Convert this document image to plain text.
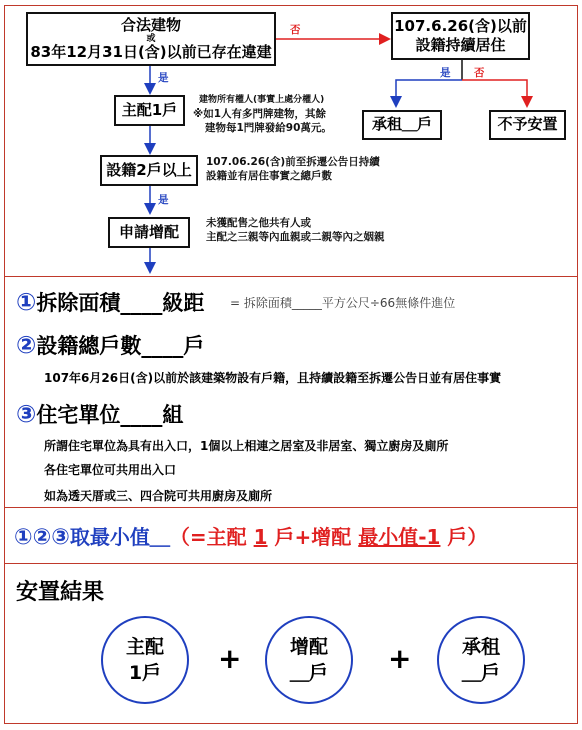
合法建物
或
83年12月31日(含)以前已存在違建
否
是
107.6.26(含)以前
設籍持續居住
是 否
主配1戶
建物所有權人(事實上處分權人)
※如1人有多門牌建物，其餘
建物每1門牌發給90萬元。	承租＿戶	不予安置
設籍2戶以上	107.06.26(含)前至拆遷公告日持續
設籍並有居住事實之總戶數
是
申請增配	未獲配售之他共有人或
主配之三親等內血親或二親等內之姻親
①拆除面積____級距 = 拆除面積_____平方公尺÷66無條件進位
②設籍總戶數____戶
107年6月26日(含)以前於該建築物設有戶籍，且持續設籍至拆遷公告日並有居住事實
③住宅單位____組
所謂住宅單位為具有出入口，1個以上相連之居室及非居室、獨立廚房及廁所
各住宅單位可共用出入口
如為透天厝或三、四合院可共用廚房及廁所
①②③取最小值＿（=主配 1 戶+增配 最小值-1 戶）
安置結果
主配
1戶 +	增配
＿戶 +	承租
＿戶
